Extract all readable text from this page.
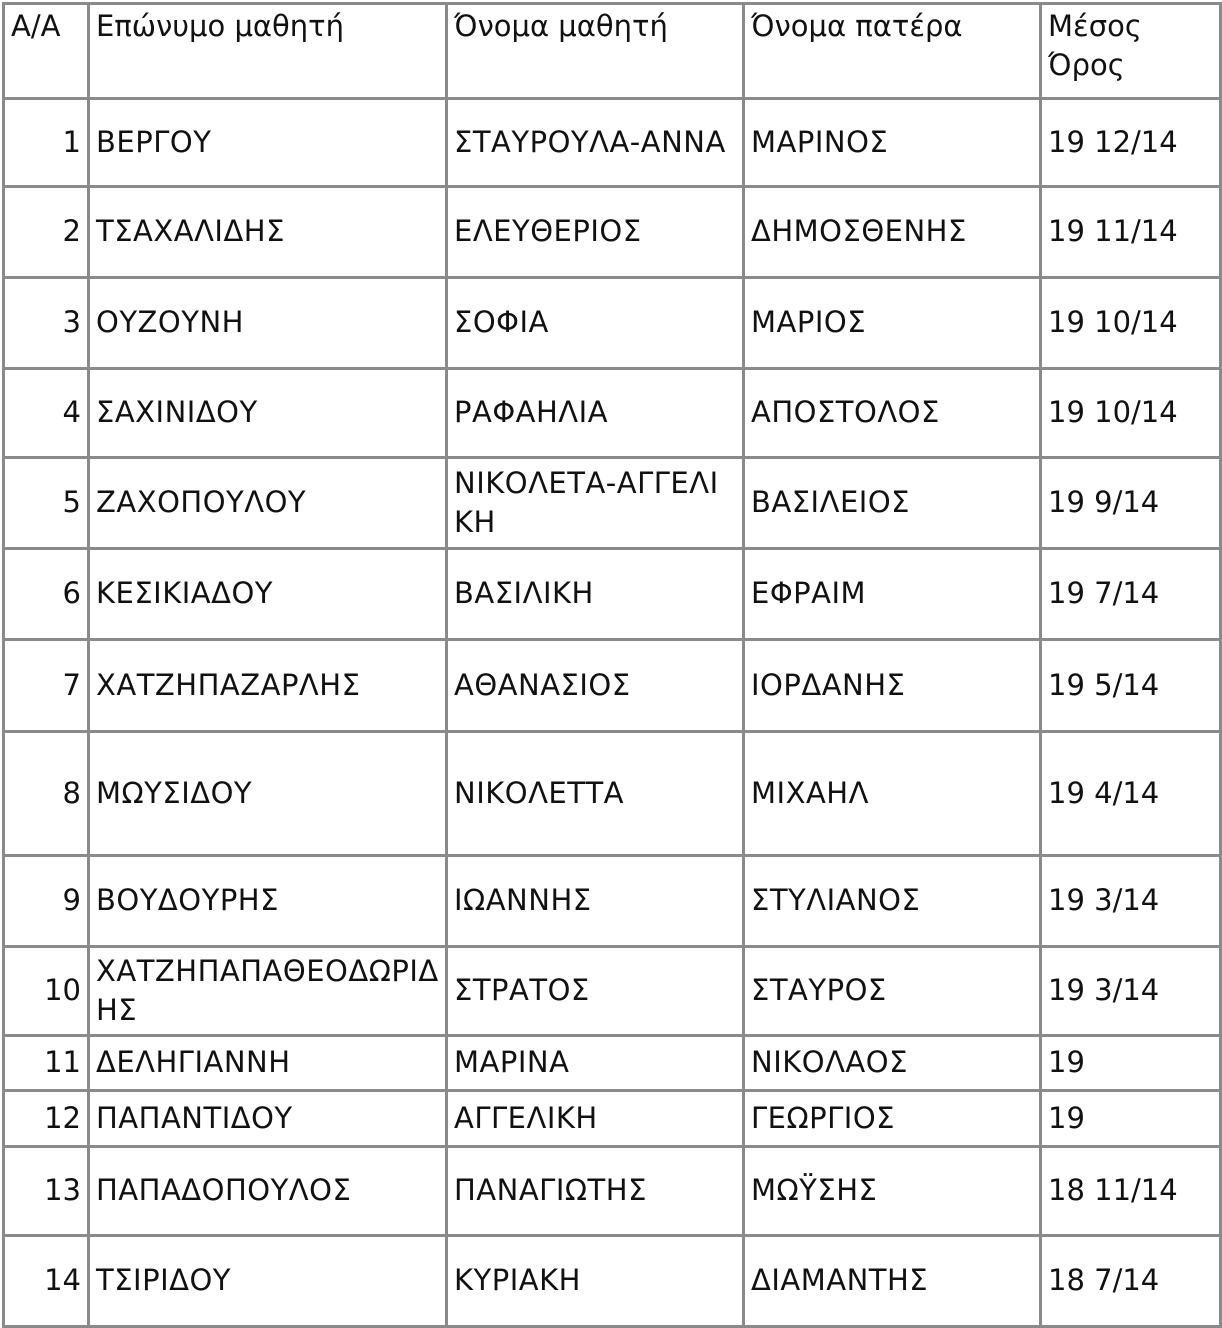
Α/Α	Επώνυμο μαθητή	Όνομα μαθητή	Όνομα πατέρα	Μέσος Όρος
1	ΒΕΡΓΟΥ	ΣΤΑΥΡΟΥΛΑ-ΑΝΝΑ	ΜΑΡΙΝΟΣ	19 12/14
2	ΤΣΑΧΑΛΙΔΗΣ	ΕΛΕΥΘΕΡΙΟΣ	ΔΗΜΟΣΘΕΝΗΣ	19 11/14
3	ΟΥΖΟΥΝΗ	ΣΟΦΙΑ	ΜΑΡΙΟΣ	19 10/14
4	ΣΑΧΙΝΙΔΟΥ	ΡΑΦΑΗΛΙΑ	ΑΠΟΣΤΟΛΟΣ	19 10/14
5	ΖΑΧΟΠΟΥΛΟΥ	ΝΙΚΟΛΕΤΑ-ΑΓΓΕΛΙΚΗ	ΒΑΣΙΛΕΙΟΣ	19 9/14
6	ΚΕΣΙΚΙΑΔΟΥ	ΒΑΣΙΛΙΚΗ	ΕΦΡΑΙΜ	19 7/14
7	ΧΑΤΖΗΠΑΖΑΡΛΗΣ	ΑΘΑΝΑΣΙΟΣ	ΙΟΡΔΑΝΗΣ	19 5/14
8	ΜΩΥΣΙΔΟΥ	ΝΙΚΟΛΕΤΤΑ	ΜΙΧΑΗΛ	19 4/14
9	ΒΟΥΔΟΥΡΗΣ	ΙΩΑΝΝΗΣ	ΣΤΥΛΙΑΝΟΣ	19 3/14
10	ΧΑΤΖΗΠΑΠΑΘΕΟΔΩΡΙΔΗΣ	ΣΤΡΑΤΟΣ	ΣΤΑΥΡΟΣ	19 3/14
11	ΔΕΛΗΓΙΑΝΝΗ	ΜΑΡΙΝΑ	ΝΙΚΟΛΑΟΣ	19
12	ΠΑΠΑΝΤΙΔΟΥ	ΑΓΓΕΛΙΚΗ	ΓΕΩΡΓΙΟΣ	19
13	ΠΑΠΑΔΟΠΟΥΛΟΣ	ΠΑΝΑΓΙΩΤΗΣ	ΜΩΫΣΗΣ	18 11/14
14	ΤΣΙΡΙΔΟΥ	ΚΥΡΙΑΚΗ	ΔΙΑΜΑΝΤΗΣ	18 7/14
